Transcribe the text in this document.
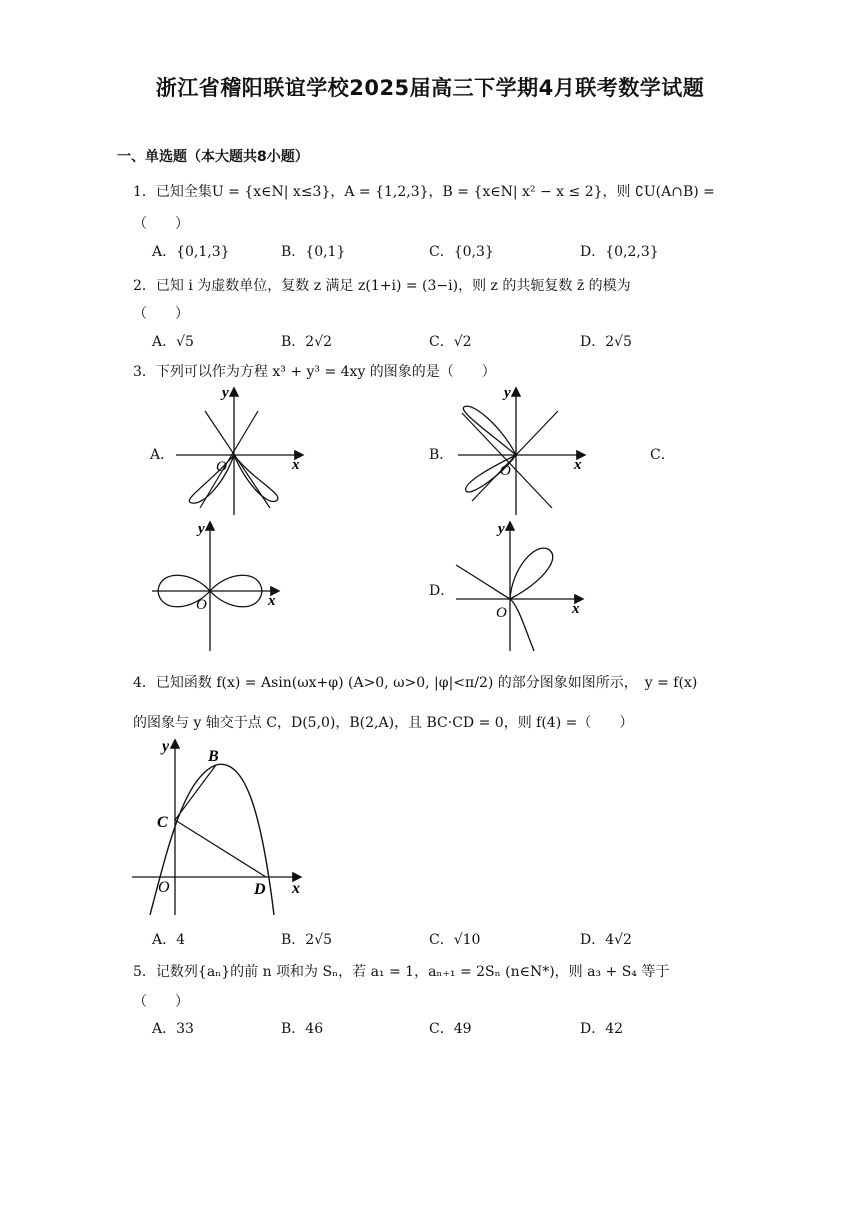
浙江省稽阳联谊学校2025届高三下学期4月联考数学试题
一、单选题（本大题共8小题）
1．已知全集U = {x∈N| x≤3}，A = {1,2,3}，B = {x∈N| x² − x ≤ 2}，则 ∁U(A∩B) =
（　　）
A．{0,1,3}	B．{0,1}	C．{0,3}	D．{0,2,3}
2．已知 i 为虚数单位，复数 z 满足 z(1+i) = (3−i)，则 z 的共轭复数 z̄ 的模为
（　　）
A．√5	B．2√2	C．√2	D．2√5
3．下列可以作为方程 x³ + y³ = 4xy 的图象的是（　　）
A．	B．	C．
D．
x
y
O	x
y
O
x
y
O	x
y
O
4．已知函数 f(x) = Asin(ωx+φ) (A>0, ω>0, |φ|<π/2) 的部分图象如图所示，　y = f(x)
的图象与 y 轴交于点 C，D(5,0)，B(2,A)，且 BC·CD = 0，则 f(4) =（　　）
B
C
D
O	x
y
A．4	B．2√5	C．√10	D．4√2
5．记数列{aₙ}的前 n 项和为 Sₙ，若 a₁ = 1，aₙ₊₁ = 2Sₙ (n∈N*)，则 a₃ + S₄ 等于
（　　）
A．33	B．46	C．49	D．42
